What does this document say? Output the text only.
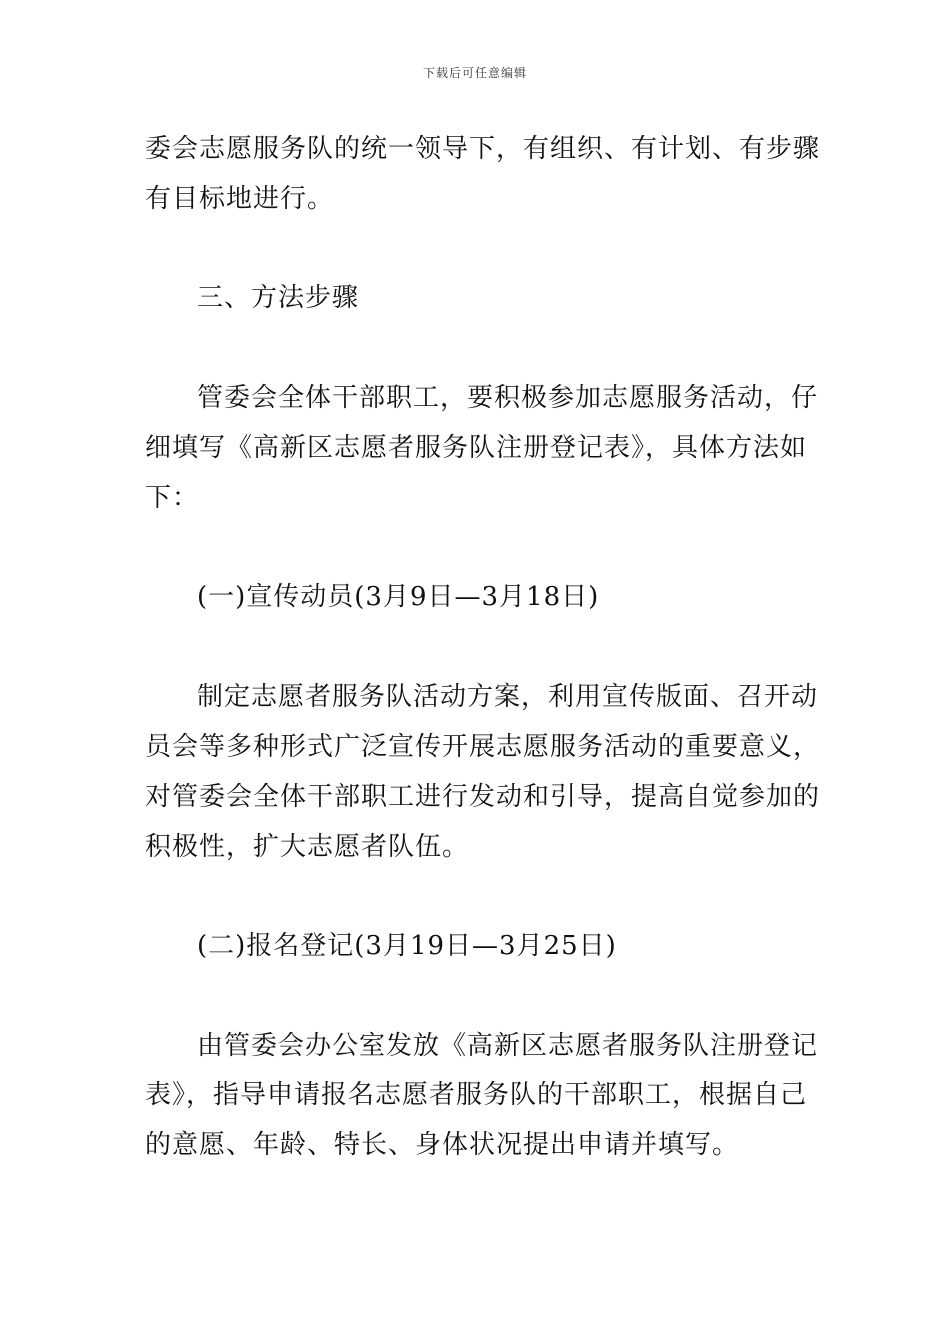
下载后可任意编辑
委会志愿服务队的统一领导下，有组织、有计划、有步骤
有目标地进行。
三、方法步骤
管委会全体干部职工，要积极参加志愿服务活动，仔
细填写《高新区志愿者服务队注册登记表》，具体方法如
下：
(一)宣传动员(3月9日—3月18日)
制定志愿者服务队活动方案，利用宣传版面、召开动
员会等多种形式广泛宣传开展志愿服务活动的重要意义，
对管委会全体干部职工进行发动和引导，提高自觉参加的
积极性，扩大志愿者队伍。
(二)报名登记(3月19日—3月25日)
由管委会办公室发放《高新区志愿者服务队注册登记
表》，指导申请报名志愿者服务队的干部职工，根据自己
的意愿、年龄、特长、身体状况提出申请并填写。
